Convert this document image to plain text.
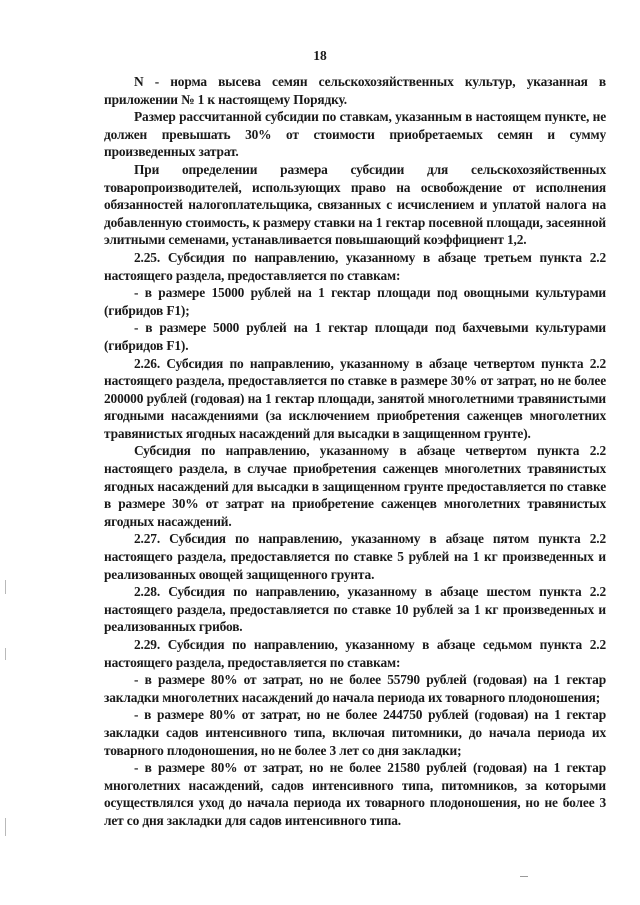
18

N - норма высева семян сельскохозяйственных культур, указанная в приложении № 1 к настоящему Порядку.

Размер рассчитанной субсидии по ставкам, указанным в настоящем пункте, не должен превышать 30% от стоимости приобретаемых семян и сумму произведенных затрат.

При определении размера субсидии для сельскохозяйственных товаропроизводителей, использующих право на освобождение от исполнения обязанностей налогоплательщика, связанных с исчислением и уплатой налога на добавленную стоимость, к размеру ставки на 1 гектар посевной площади, засеянной элитными семенами, устанавливается повышающий коэффициент 1,2.

2.25. Субсидия по направлению, указанному в абзаце третьем пункта 2.2 настоящего раздела, предоставляется по ставкам:

- в размере 15000 рублей на 1 гектар площади под овощными культурами (гибридов F1);

- в размере 5000 рублей на 1 гектар площади под бахчевыми культурами (гибридов F1).

2.26. Субсидия по направлению, указанному в абзаце четвертом пункта 2.2 настоящего раздела, предоставляется по ставке в размере 30% от затрат, но не более 200000 рублей (годовая) на 1 гектар площади, занятой многолетними травянистыми ягодными насаждениями (за исключением приобретения саженцев многолетних травянистых ягодных насаждений для высадки в защищенном грунте).

Субсидия по направлению, указанному в абзаце четвертом пункта 2.2 настоящего раздела, в случае приобретения саженцев многолетних травянистых ягодных насаждений для высадки в защищенном грунте предоставляется по ставке в размере 30% от затрат на приобретение саженцев многолетних травянистых ягодных насаждений.

2.27. Субсидия по направлению, указанному в абзаце пятом пункта 2.2 настоящего раздела, предоставляется по ставке 5 рублей на 1 кг произведенных и реализованных овощей защищенного грунта.

2.28. Субсидия по направлению, указанному в абзаце шестом пункта 2.2 настоящего раздела, предоставляется по ставке 10 рублей за 1 кг произведенных и реализованных грибов.

2.29. Субсидия по направлению, указанному в абзаце седьмом пункта 2.2 настоящего раздела, предоставляется по ставкам:

- в размере 80% от затрат, но не более 55790 рублей (годовая) на 1 гектар закладки многолетних насаждений до начала периода их товарного плодоношения;

- в размере 80% от затрат, но не более 244750 рублей (годовая) на 1 гектар закладки садов интенсивного типа, включая питомники, до начала периода их товарного плодоношения, но не более 3 лет со дня закладки;

- в размере 80% от затрат, но не более 21580 рублей (годовая) на 1 гектар многолетних насаждений, садов интенсивного типа, питомников, за которыми осуществлялся уход до начала периода их товарного плодоношения, но не более 3 лет со дня закладки для садов интенсивного типа.
